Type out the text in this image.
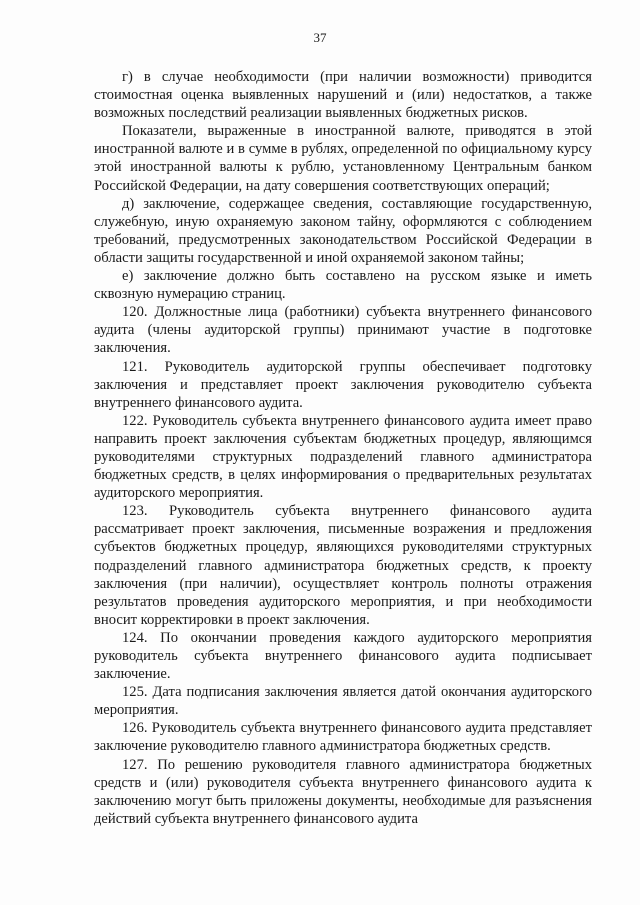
37

г) в случае необходимости (при наличии возможности) приводится стоимостная оценка выявленных нарушений и (или) недостатков, а также возможных последствий реализации выявленных бюджетных рисков.

Показатели, выраженные в иностранной валюте, приводятся в этой иностранной валюте и в сумме в рублях, определенной по официальному курсу этой иностранной валюты к рублю, установленному Центральным банком Российской Федерации, на дату совершения соответствующих операций;

д) заключение, содержащее сведения, составляющие государственную, служебную, иную охраняемую законом тайну, оформляются с соблюдением требований, предусмотренных законодательством Российской Федерации в области защиты государственной и иной охраняемой законом тайны;

е) заключение должно быть составлено на русском языке и иметь сквозную нумерацию страниц.

120. Должностные лица (работники) субъекта внутреннего финансового аудита (члены аудиторской группы) принимают участие в подготовке заключения.

121. Руководитель аудиторской группы обеспечивает подготовку заключения и представляет проект заключения руководителю субъекта внутреннего финансового аудита.

122. Руководитель субъекта внутреннего финансового аудита имеет право направить проект заключения субъектам бюджетных процедур, являющимся руководителями структурных подразделений главного администратора бюджетных средств, в целях информирования о предварительных результатах аудиторского мероприятия.

123. Руководитель субъекта внутреннего финансового аудита рассматривает проект заключения, письменные возражения и предложения субъектов бюджетных процедур, являющихся руководителями структурных подразделений главного администратора бюджетных средств, к проекту заключения (при наличии), осуществляет контроль полноты отражения результатов проведения аудиторского мероприятия, и при необходимости вносит корректировки в проект заключения.

124. По окончании проведения каждого аудиторского мероприятия руководитель субъекта внутреннего финансового аудита подписывает заключение.

125. Дата подписания заключения является датой окончания аудиторского мероприятия.

126. Руководитель субъекта внутреннего финансового аудита представляет заключение руководителю главного администратора бюджетных средств.

127. По решению руководителя главного администратора бюджетных средств и (или) руководителя субъекта внутреннего финансового аудита к заключению могут быть приложены документы, необходимые для разъяснения действий субъекта внутреннего финансового аудита
